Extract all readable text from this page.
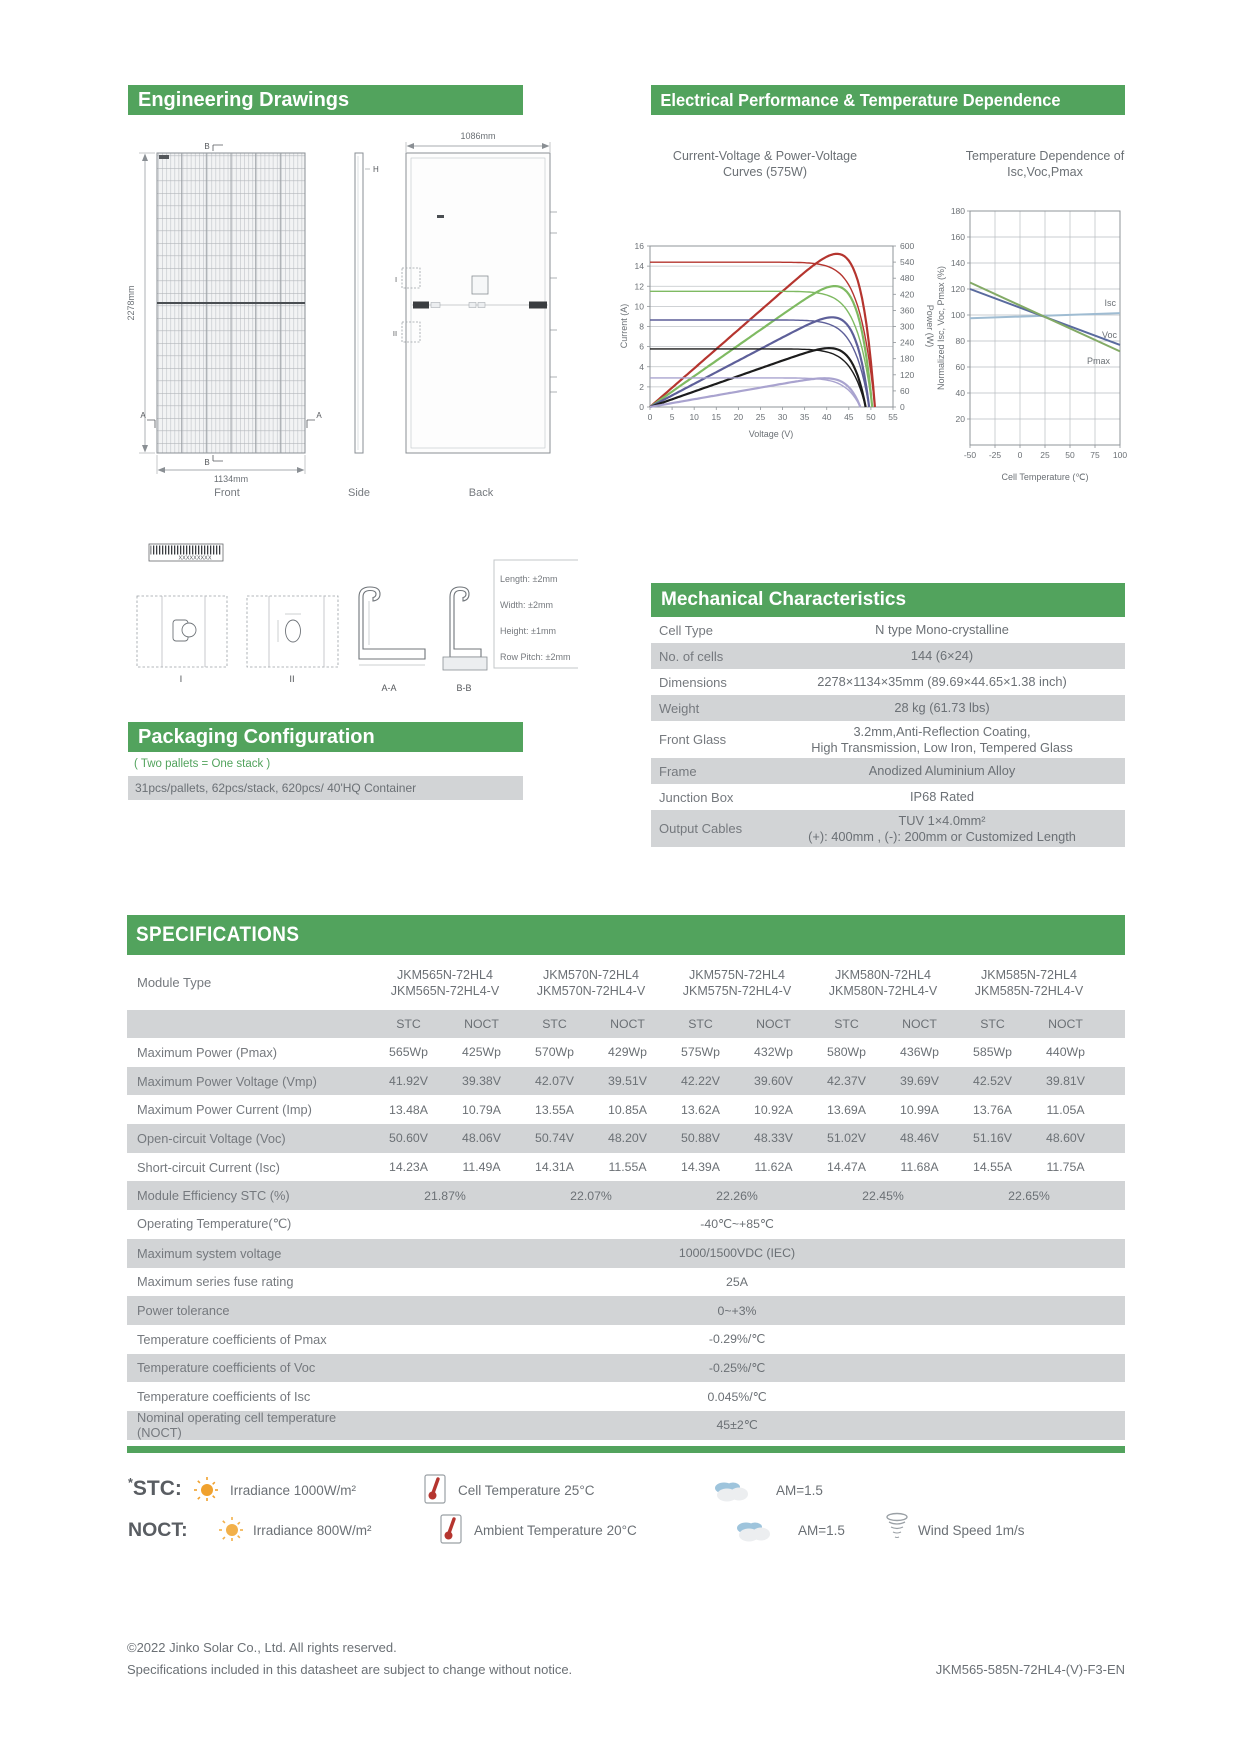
Engineering Drawings	Electrical Performance & Temperature Dependence
2278mm
1134mm
B
B
A	A
Front
H
Side
1086mm
I
II
Back
XXXXXXXXX
I	II
A-A	B-B
Length: ±2mm
Width: ±2mm
Height: ±1mm
Row Pitch: ±2mm
Current-Voltage & Power-Voltage
Curves (575W)
Temperature Dependence of
Isc,Voc,Pmax
0
2
4
6
8
10
12
14
16
0
60
120
180
240
300
360
420
480
540
600
0 5 10 15 20 25 30 35 40 45 50 55
Current (A)	Power (W)
Voltage (V)
20
40
60
80
100
120
140
160
180
-50 -25 0 25 50 75 100
Isc
Voc
Pmax
Normalized Isc, Voc, Pmax (%)
Cell Temperature (℃)
Mechanical Characteristics
Cell Type	N type Mono-crystalline
No. of cells	144 (6×24)
Dimensions	2278×1134×35mm (89.69×44.65×1.38 inch)
Weight	28 kg (61.73 lbs)
Front Glass
3.2mm,Anti-Reflection Coating,
High Transmission, Low Iron, Tempered Glass
Frame	Anodized Aluminium Alloy
Junction Box	IP68 Rated
Output Cables
TUV 1×4.0mm²
(+): 400mm , (-): 200mm or Customized Length
Packaging Configuration
( Two pallets = One stack )
31pcs/pallets, 62pcs/stack, 620pcs/ 40'HQ Container
SPECIFICATIONS
Module Type
JKM565N-72HL4
JKM565N-72HL4-V
JKM570N-72HL4
JKM570N-72HL4-V
JKM575N-72HL4
JKM575N-72HL4-V
JKM580N-72HL4
JKM580N-72HL4-V
JKM585N-72HL4
JKM585N-72HL4-V
STC	NOCT	STC	NOCT	STC	NOCT	STC	NOCT	STC	NOCT
Maximum Power (Pmax)	565Wp	425Wp	570Wp	429Wp	575Wp	432Wp	580Wp	436Wp	585Wp	440Wp
Maximum Power Voltage (Vmp)	41.92V	39.38V	42.07V	39.51V	42.22V	39.60V	42.37V	39.69V	42.52V	39.81V
Maximum Power Current (Imp)	13.48A	10.79A	13.55A	10.85A	13.62A	10.92A	13.69A	10.99A	13.76A	11.05A
Open-circuit Voltage (Voc)	50.60V	48.06V	50.74V	48.20V	50.88V	48.33V	51.02V	48.46V	51.16V	48.60V
Short-circuit Current (Isc)	14.23A	11.49A	14.31A	11.55A	14.39A	11.62A	14.47A	11.68A	14.55A	11.75A
Module Efficiency STC (%)	21.87%	22.07%	22.26%	22.45%	22.65%
Operating Temperature(℃)	-40℃~+85℃
Maximum system voltage	1000/1500VDC (IEC)
Maximum series fuse rating	25A
Power tolerance	0~+3%
Temperature coefficients of Pmax	-0.29%/℃
Temperature coefficients of Voc	-0.25%/℃
Temperature coefficients of Isc	0.045%/℃
Nominal operating cell temperature (NOCT)	45±2℃
*STC:	Irradiance 1000W/m²	Cell Temperature 25°C	AM=1.5
NOCT:	Irradiance 800W/m²	Ambient Temperature 20°C	AM=1.5	Wind Speed 1m/s
©2022 Jinko Solar Co., Ltd. All rights reserved.
Specifications included in this datasheet are subject to change without notice.	JKM565-585N-72HL4-(V)-F3-EN
